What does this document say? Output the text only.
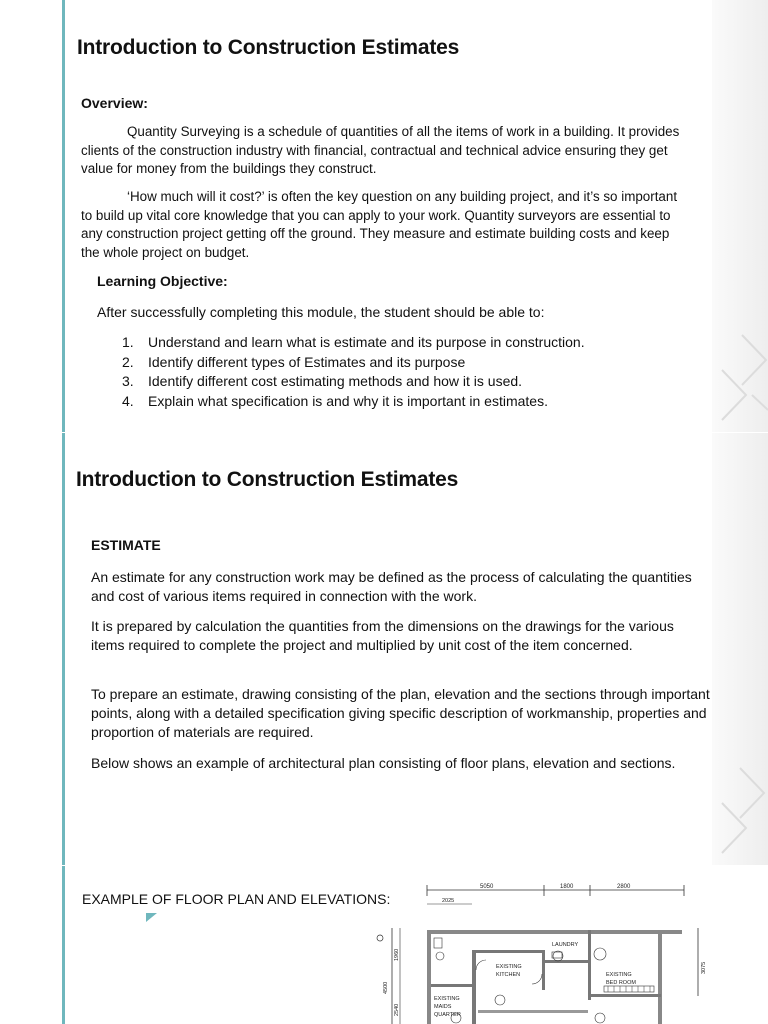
Introduction to Construction Estimates

Overview:

Quantity Surveying is a schedule of quantities of all the items of work in a building. It provides clients of the construction industry with financial, contractual and technical advice ensuring they get value for money from the buildings they construct.

‘How much will it cost?’ is often the key question on any building project, and it’s so important to build up vital core knowledge that you can apply to your work. Quantity surveyors are essential to any construction project getting off the ground. They measure and estimate building costs and keep the whole project on budget.

Learning Objective:

After successfully completing this module, the student should be able to:

1. Understand and learn what is estimate and its purpose in construction.
2. Identify different types of Estimates and its purpose
3. Identify different cost estimating methods and how it is used.
4. Explain what specification is and why it is important in estimates.
Introduction to Construction Estimates

ESTIMATE

An estimate for any construction work may be defined as the process of calculating the quantities and cost of various items required in connection with the work.

It is prepared by calculation the quantities from the dimensions on the drawings for the various items required to complete the project and multiplied by unit cost of the item concerned.

To prepare an estimate, drawing consisting of the plan, elevation and the sections through important points, along with a detailed specification giving specific description of workmanship, properties and proportion of materials are required.

Below shows an example of architectural plan consisting of floor plans, elevation and sections.

EXAMPLE OF FLOOR PLAN AND ELEVATIONS:

5050	1800	2800
2025
1960
4500
2540
3075
LAUNDRY
EXISTING
KITCHEN	EXISTING
BED ROOM
EXISTING
MAIDS
QUARTER
